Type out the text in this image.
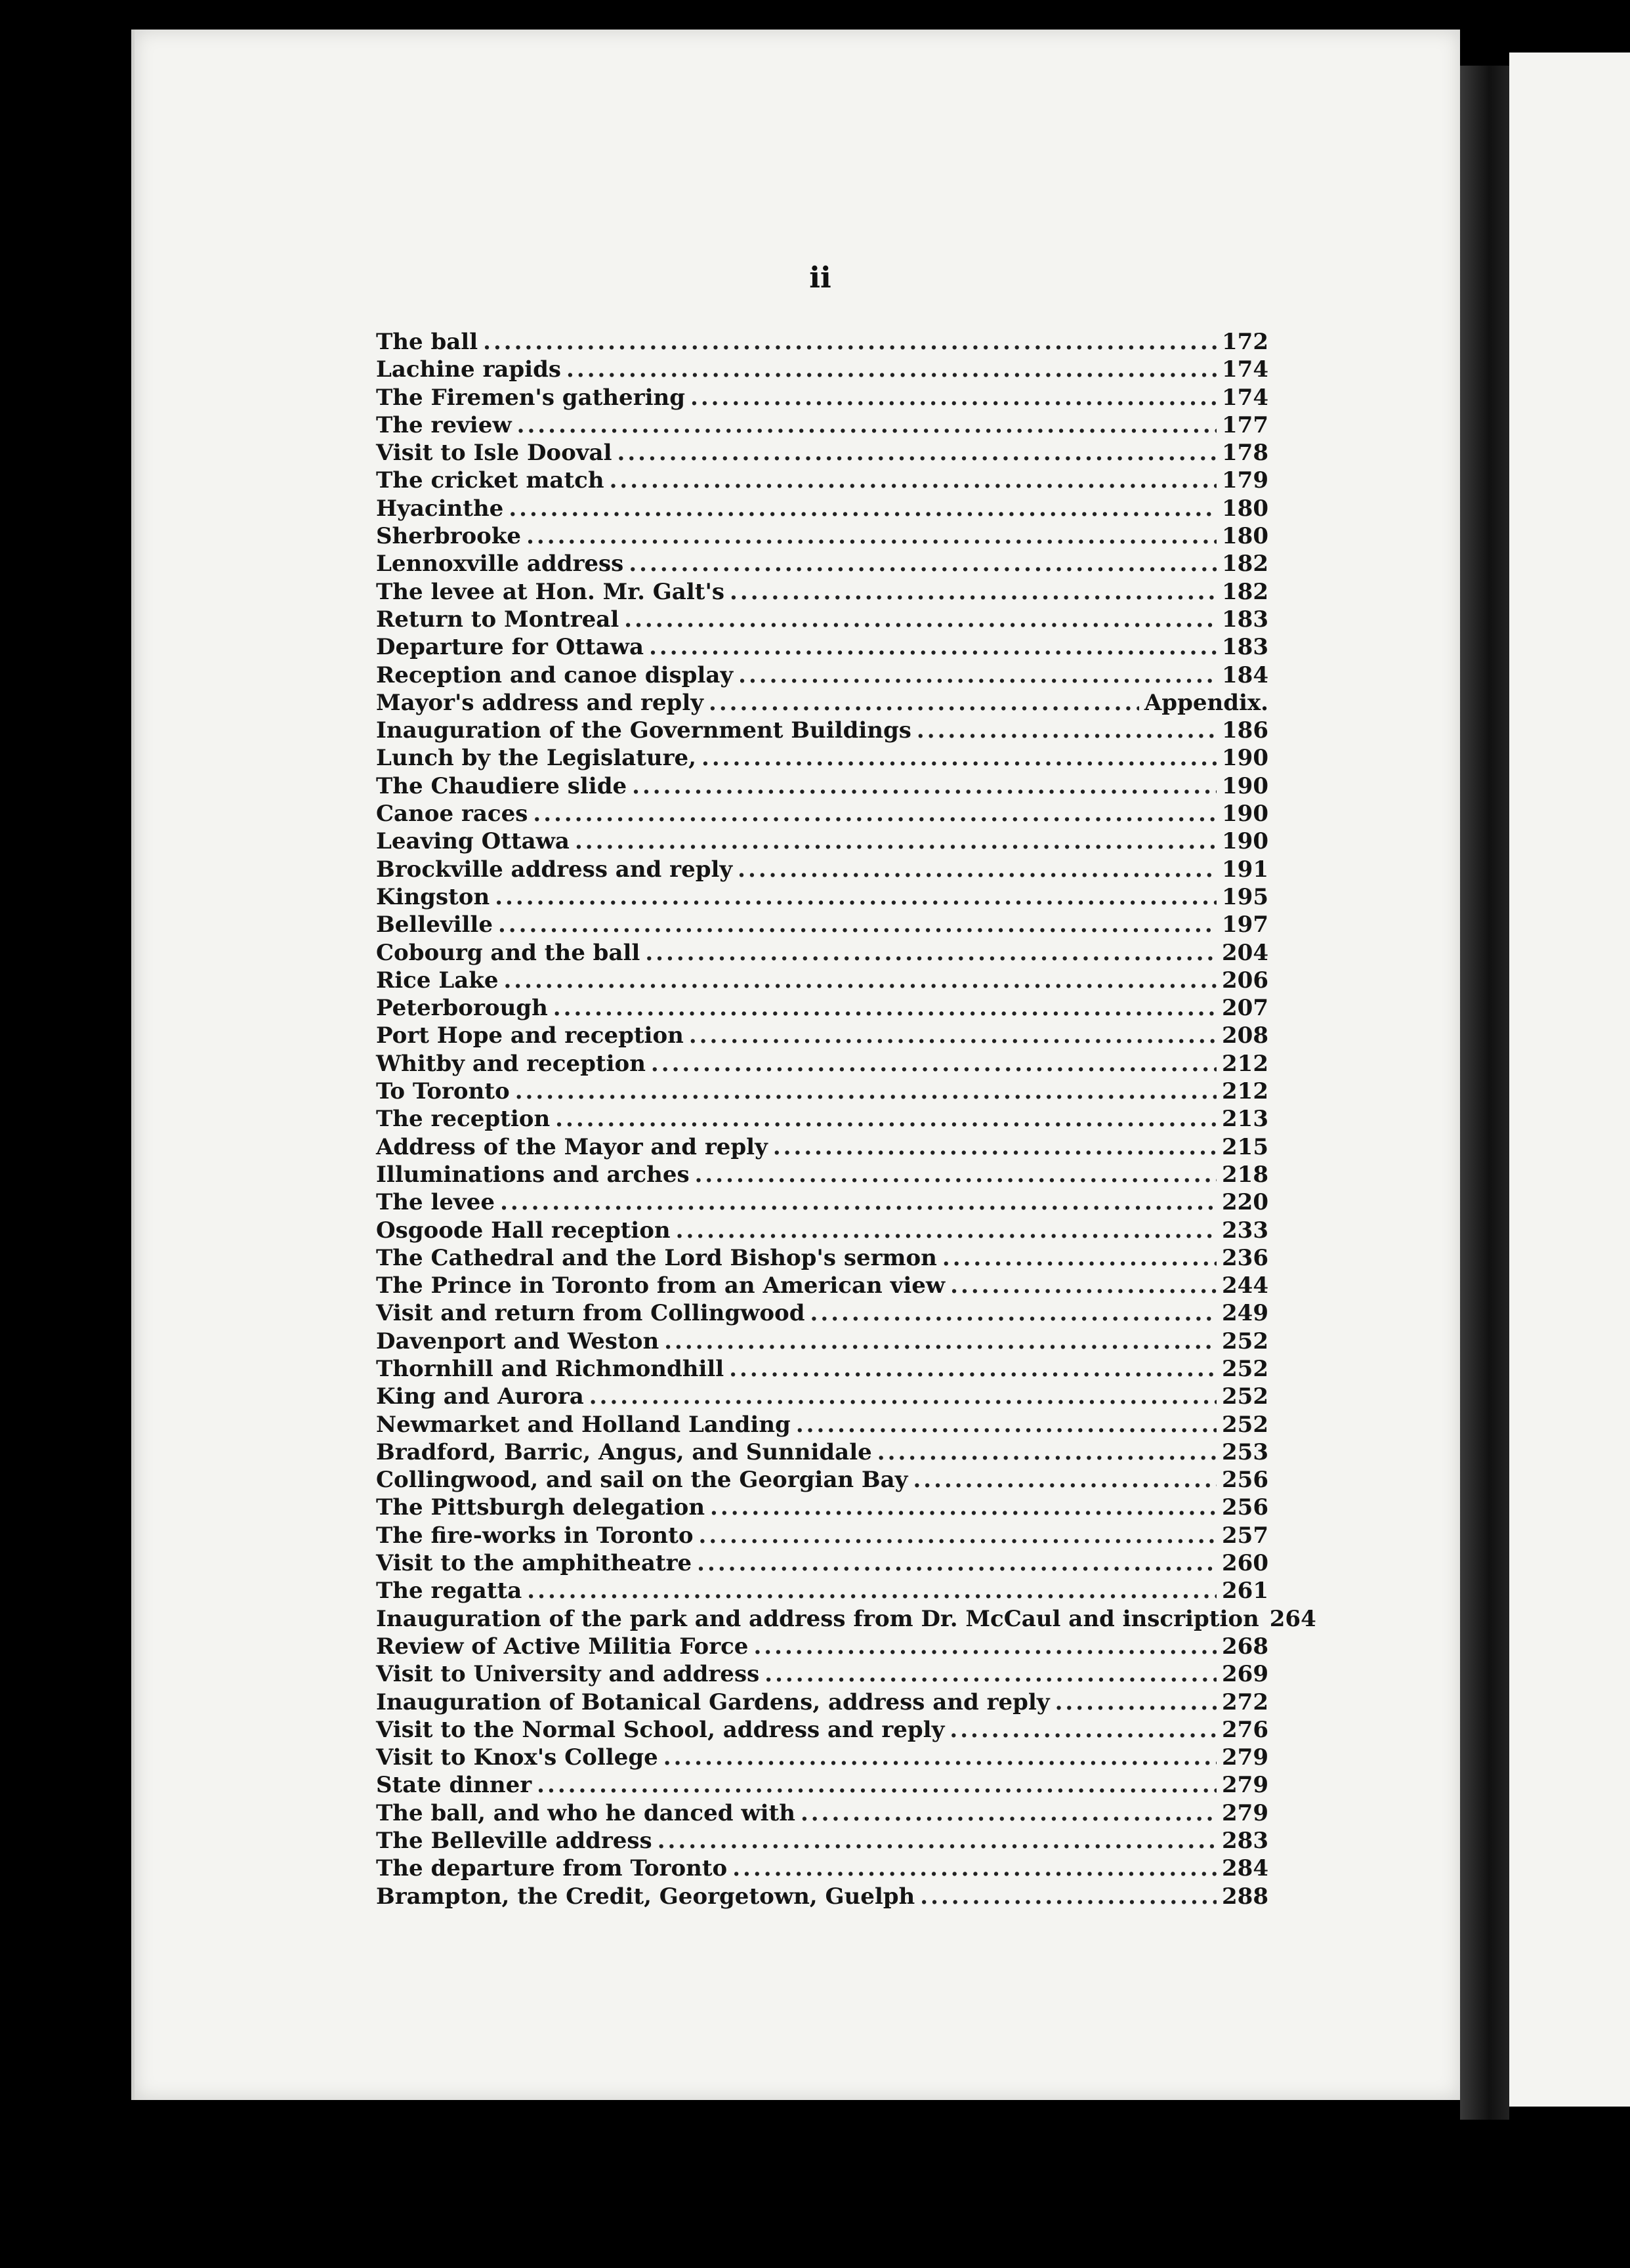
ii
The ball .....	172
Lachine rapids .....	174
The Firemen's gathering .....	174
The review .....	177
Visit to Isle Dooval .....	178
The cricket match .....	179
Hyacinthe .....	180
Sherbrooke .....	180
Lennoxville address .....	182
The levee at Hon. Mr. Galt's .....	182
Return to Montreal .....	183
Departure for Ottawa .....	183
Reception and canoe display .....	184
Mayor's address and reply .....	Appendix.
Inauguration of the Government Buildings .....	186
Lunch by the Legislature, .....	190
The Chaudiere slide .....	190
Canoe races .....	190
Leaving Ottawa .....	190
Brockville address and reply .....	191
Kingston .....	195
Belleville .....	197
Cobourg and the ball .....	204
Rice Lake .....	206
Peterborough .....	207
Port Hope and reception .....	208
Whitby and reception .....	212
To Toronto .....	212
The reception .....	213
Address of the Mayor and reply .....	215
Illuminations and arches .....	218
The levee .....	220
Osgoode Hall reception .....	233
The Cathedral and the Lord Bishop's sermon .....	236
The Prince in Toronto from an American view .....	244
Visit and return from Collingwood .....	249
Davenport and Weston .....	252
Thornhill and Richmondhill .....	252
King and Aurora .....	252
Newmarket and Holland Landing .....	252
Bradford, Barric, Angus, and Sunnidale .....	253
Collingwood, and sail on the Georgian Bay .....	256
The Pittsburgh delegation .....	256
The fire-works in Toronto .....	257
Visit to the amphitheatre .....	260
The regatta .....	261
Inauguration of the park and address from Dr. McCaul and inscription 264
Review of Active Militia Force .....	268
Visit to University and address .....	269
Inauguration of Botanical Gardens, address and reply .....	272
Visit to the Normal School, address and reply .....	276
Visit to Knox's College .....	279
State dinner .....	279
The ball, and who he danced with .....	279
The Belleville address .....	283
The departure from Toronto .....	284
Brampton, the Credit, Georgetown, Guelph .....	288
